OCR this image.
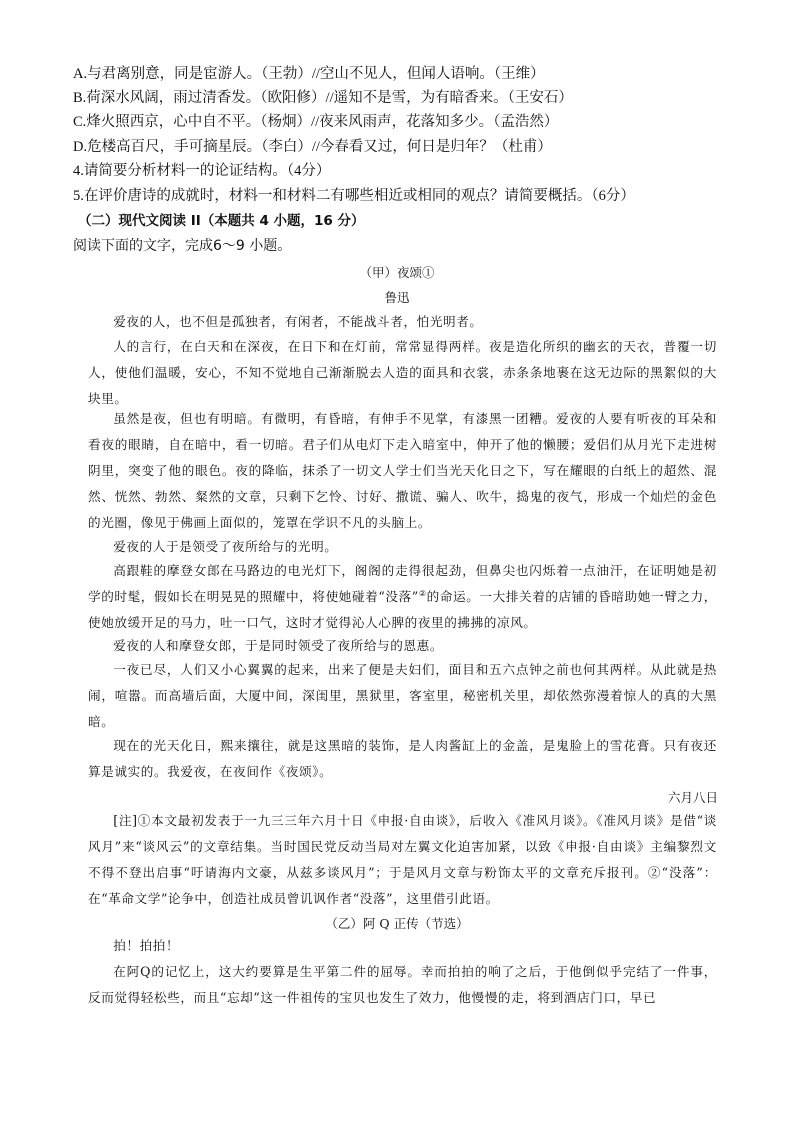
A.与君离别意，同是宦游人。（王勃）//空山不见人，但闻人语响。（王维）
B.荷深水风阔，雨过清香发。（欧阳修）//遥知不是雪，为有暗香来。（王安石）
C.烽火照西京，心中自不平。（杨炯）//夜来风雨声，花落知多少。（孟浩然）
D.危楼高百尺，手可摘星辰。（李白）//今春看又过，何日是归年？（杜甫）
4.请简要分析材料一的论证结构。（4分）
5.在评价唐诗的成就时，材料一和材料二有哪些相近或相同的观点？请简要概括。（6分）
（二）现代文阅读 II（本题共 4 小题，16 分）
阅读下面的文字，完成6～9 小题。
（甲）夜颂①
鲁迅

爱夜的人，也不但是孤独者，有闲者，不能战斗者，怕光明者。

人的言行，在白天和在深夜，在日下和在灯前，常常显得两样。夜是造化所织的幽玄的天衣，普覆一切人，使他们温暖，安心，不知不觉地自己渐渐脱去人造的面具和衣裳，赤条条地裹在这无边际的黑絮似的大块里。

虽然是夜，但也有明暗。有微明，有昏暗，有伸手不见掌，有漆黑一团糟。爱夜的人要有听夜的耳朵和看夜的眼睛，自在暗中，看一切暗。君子们从电灯下走入暗室中，伸开了他的懒腰；爱侣们从月光下走进树阴里，突变了他的眼色。夜的降临，抹杀了一切文人学士们当光天化日之下，写在耀眼的白纸上的超然、混然、恍然、勃然、粲然的文章，只剩下乞怜、讨好、撒谎、骗人、吹牛，捣鬼的夜气，形成一个灿烂的金色的光圈，像见于佛画上面似的，笼罩在学识不凡的头脑上。

爱夜的人于是领受了夜所给与的光明。

高跟鞋的摩登女郎在马路边的电光灯下，阁阁的走得很起劲，但鼻尖也闪烁着一点油汗，在证明她是初学的时髦，假如长在明晃晃的照耀中，将使她碰着“没落”②的命运。一大排关着的店铺的昏暗助她一臂之力，使她放缓开足的马力，吐一口气，这时才觉得沁人心脾的夜里的拂拂的凉风。

爱夜的人和摩登女郎，于是同时领受了夜所给与的恩惠。

一夜已尽，人们又小心翼翼的起来，出来了便是夫妇们，面目和五六点钟之前也何其两样。从此就是热闹，喧嚣。而高墙后面，大厦中间，深闺里，黑狱里，客室里，秘密机关里，却依然弥漫着惊人的真的大黑暗。

现在的光天化日，熙来攘往，就是这黑暗的装饰，是人肉酱缸上的金盖，是鬼脸上的雪花膏。只有夜还算是诚实的。我爱夜，在夜间作《夜颂》。

六月八日

[注]①本文最初发表于一九三三年六月十日《申报·自由谈》，后收入《准风月谈》。《准风月谈》是借“谈风月”来“谈风云”的文章结集。当时国民党反动当局对左翼文化迫害加紧，以致《申报·自由谈》主编黎烈文不得不登出启事“吁请海内文豪，从兹多谈风月”；于是风月文章与粉饰太平的文章充斥报刊。②“没落”：在“革命文学”论争中，创造社成员曾讥讽作者“没落”，这里借引此语。

（乙）阿 Q 正传（节选）

拍！拍拍！

在阿Q的记忆上，这大约要算是生平第二件的屈辱。幸而拍拍的响了之后，于他倒似乎完结了一件事，反而觉得轻松些，而且“忘却”这一件祖传的宝贝也发生了效力，他慢慢的走，将到酒店门口，早已
